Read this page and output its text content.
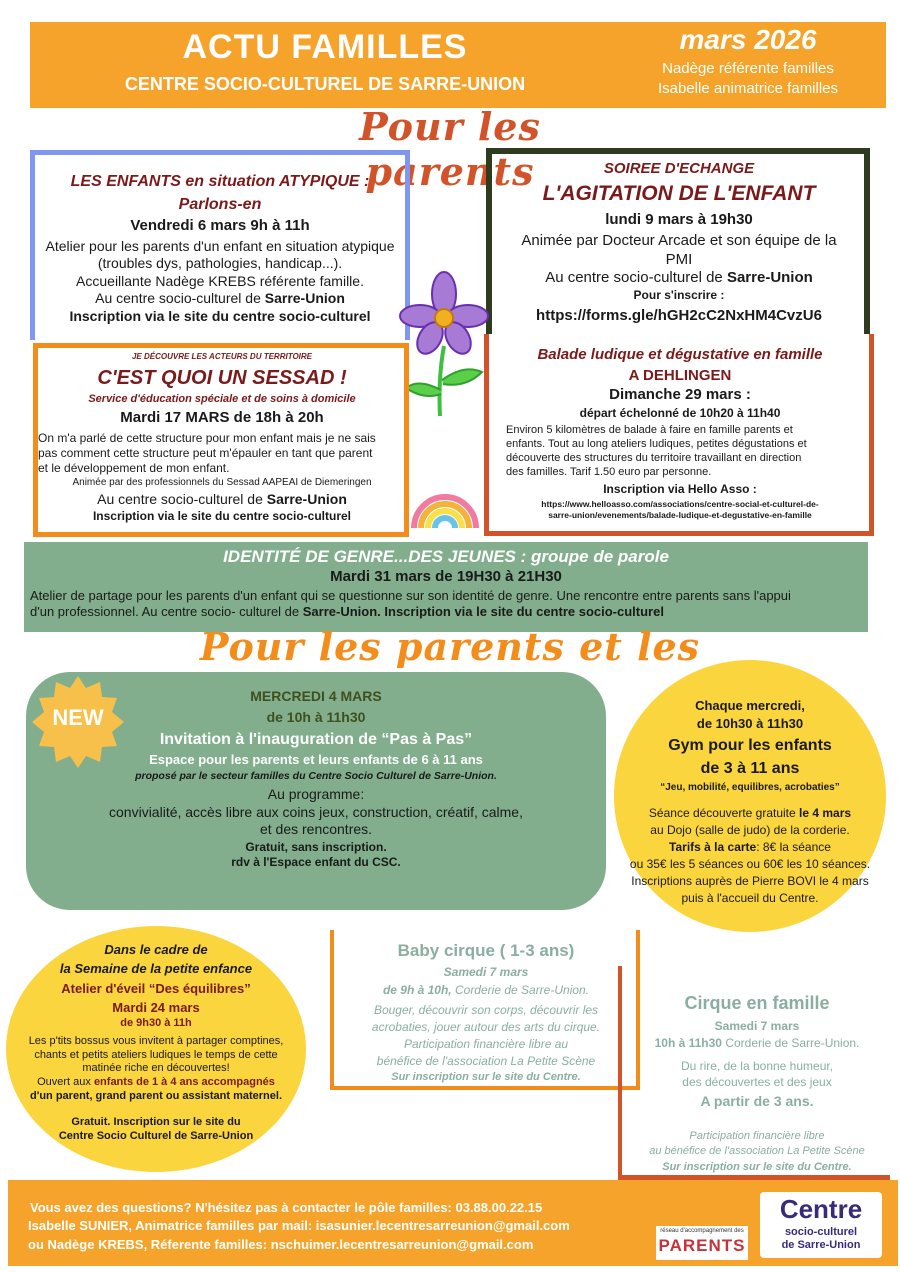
ACTU FAMILLES
CENTRE SOCIO-CULTUREL DE SARRE-UNION
mars 2026
Nadège référente familles
Isabelle animatrice familles
Pour les parents
LES ENFANTS en situation ATYPIQUE :
Parlons-en
Vendredi 6 mars 9h à 11h
Atelier pour les parents d'un enfant en situation atypique
(troubles dys, pathologies, handicap...).
Accueillante Nadège KREBS référente famille.
Au centre socio-culturel de Sarre-Union
Inscription via le site du centre socio-culturel
SOIREE D'ECHANGE
L'AGITATION DE L'ENFANT
lundi 9 mars à 19h30
Animée par Docteur Arcade et son équipe de la
PMI
Au centre socio-culturel de Sarre-Union
Pour s'inscrire :
https://forms.gle/hGH2cC2NxHM4CvzU6
JE DÉCOUVRE LES ACTEURS DU TERRITOIRE
C'EST QUOI UN SESSAD !
Service d'éducation spéciale et de soins à domicile
Mardi 17 MARS de 18h à 20h
On m'a parlé de cette structure pour mon enfant mais je ne sais
pas comment cette structure peut m'épauler en tant que parent
et le développement de mon enfant.
Animée par des professionnels du Sessad AAPEAI de Diemeringen
Au centre socio-culturel de Sarre-Union
Inscription via le site du centre socio-culturel
Balade ludique et dégustative en famille
A DEHLINGEN
Dimanche 29 mars :
départ échelonné de 10h20 à 11h40
Environ 5 kilomètres de balade à faire en famille parents et
enfants. Tout au long ateliers ludiques, petites dégustations et
découverte des structures du territoire travaillant en direction
des familles. Tarif 1.50 euro par personne.
Inscription via Hello Asso :
https://www.helloasso.com/associations/centre-social-et-culturel-de-
sarre-union/evenements/balade-ludique-et-degustative-en-famille
IDENTITÉ DE GENRE...DES JEUNES : groupe de parole
Mardi 31 mars de 19H30 à 21H30
Atelier de partage pour les parents d'un enfant qui se questionne sur son identité de genre. Une rencontre entre parents sans l'appui
d'un professionnel. Au centre socio- culturel de Sarre-Union. Inscription via le site du centre socio-culturel
Pour les parents et les
MERCREDI 4 MARS
de 10h à 11h30
Invitation à l'inauguration de “Pas à Pas”
Espace pour les parents et leurs enfants de 6 à 11 ans
proposé par le secteur familles du Centre Socio Culturel de Sarre-Union.
Au programme:
convivialité, accès libre aux coins jeux, construction, créatif, calme,
et des rencontres.
Gratuit, sans inscription.
rdv à l'Espace enfant du CSC.
NEW	Chaque mercredi,
de 10h30 à 11h30
Gym pour les enfants
de 3 à 11 ans
“Jeu, mobilité, equilibres, acrobaties”
Séance découverte gratuite le 4 mars
au Dojo (salle de judo) de la corderie.
Tarifs à la carte: 8€ la séance
ou 35€ les 5 séances ou 60€ les 10 séances.
Inscriptions auprès de Pierre BOVI le 4 mars
puis à l'accueil du Centre.
Dans le cadre de
la Semaine de la petite enfance
Atelier d'éveil “Des équilibres”
Mardi 24 mars
de 9h30 à 11h
Les p'tits bossus vous invitent à partager comptines,
chants et petits ateliers ludiques le temps de cette
matinée riche en découvertes!
Ouvert aux enfants de 1 à 4 ans accompagnés
d'un parent, grand parent ou assistant maternel.
Gratuit. Inscription sur le site du
Centre Socio Culturel de Sarre-Union
Baby cirque ( 1-3 ans)
Samedi 7 mars
de 9h à 10h, Corderie de Sarre-Union.
Bouger, découvrir son corps, découvrir les
acrobaties, jouer autour des arts du cirque.
Participation financière libre au
bénéfice de l'association La Petite Scène
Sur inscription sur le site du Centre.
Cirque en famille
Samedi 7 mars
10h à 11h30 Corderie de Sarre-Union.
Du rire, de la bonne humeur,
des découvertes et des jeux
A partir de 3 ans.
Participation financière libre
au bénéfice de l'association La Petite Scène
Sur inscription sur le site du Centre.
Vous avez des questions? N'hésitez pas à contacter le pôle familles: 03.88.00.22.15
Isabelle SUNIER, Animatrice familles par mail: isasunier.lecentresarreunion@gmail.com
ou Nadège KREBS, Réferente familles: nschuimer.lecentresarreunion@gmail.com
réseau d'accompagnement des
PARENTS
Centre
socio-culturel
de Sarre-Union
